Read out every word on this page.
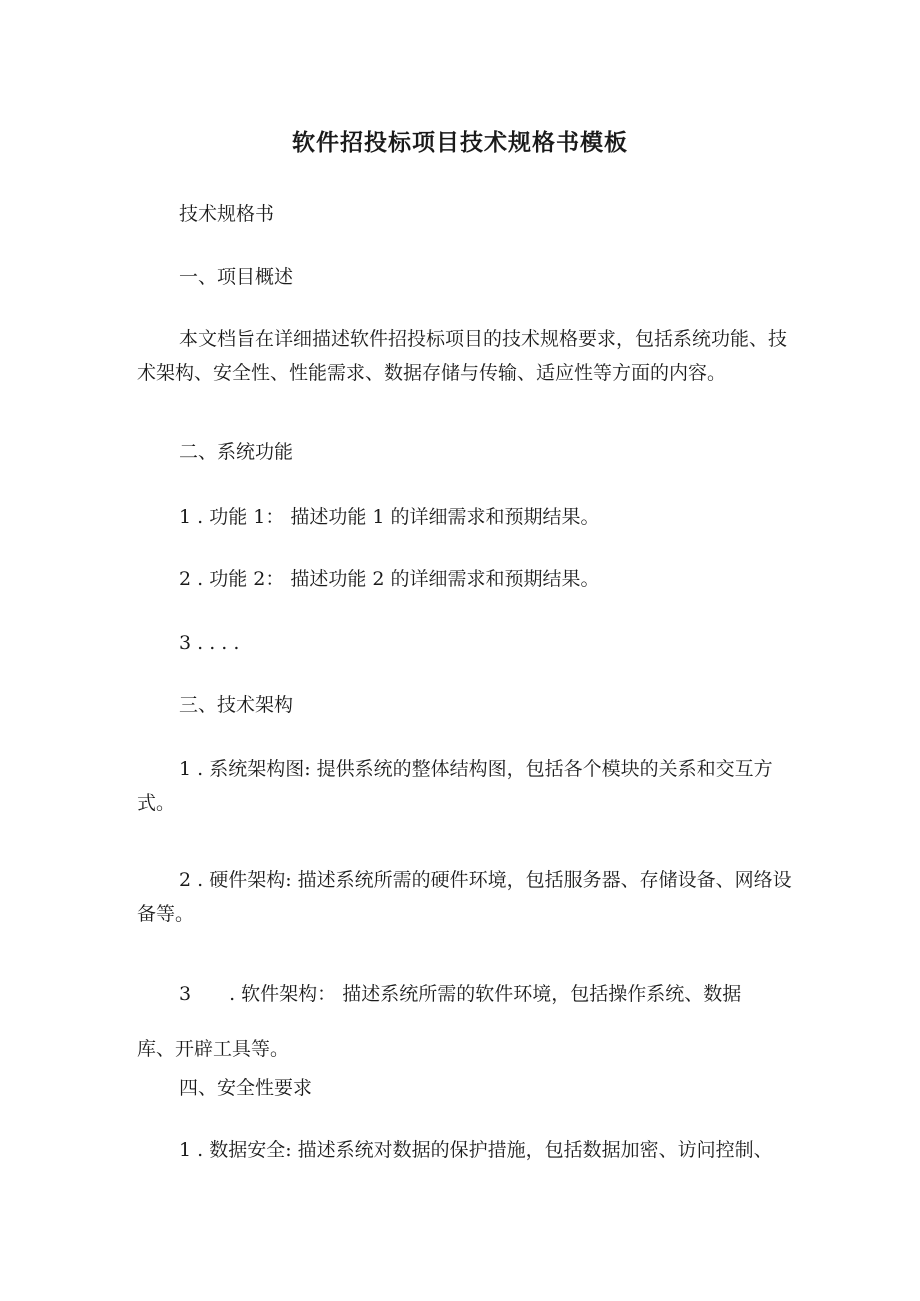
软件招投标项目技术规格书模板
技术规格书
一、项目概述
本文档旨在详细描述软件招投标项目的技术规格要求，包括系统功能、技术架构、安全性、性能需求、数据存储与传输、适应性等方面的内容。
二、系统功能
1 . 功能 1： 描述功能 1 的详细需求和预期结果。
2 . 功能 2： 描述功能 2 的详细需求和预期结果。
3 . . . .
三、技术架构
1 . 系统架构图: 提供系统的整体结构图，包括各个模块的关系和交互方式。
2 . 硬件架构: 描述系统所需的硬件环境，包括服务器、存储设备、网络设备等。
3　　. 软件架构： 描述系统所需的软件环境，包括操作系统、数据
库、开辟工具等。
四、安全性要求
1 . 数据安全: 描述系统对数据的保护措施，包括数据加密、访问控制、
